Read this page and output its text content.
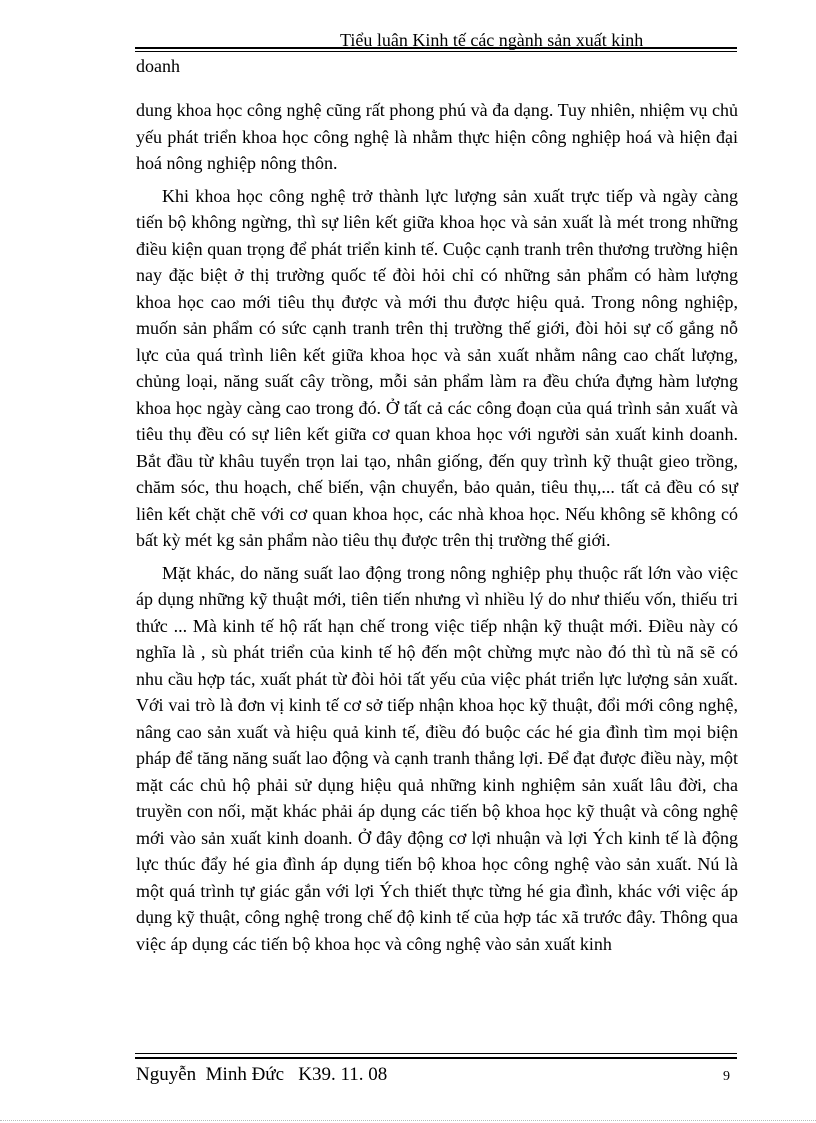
Tiểu luận Kinh tế các ngành sản xuất kinh
doanh

dung khoa học công nghệ cũng rất phong phú và đa dạng. Tuy nhiên, nhiệm vụ chủ yếu phát triển khoa học công nghệ là nhằm thực hiện công nghiệp hoá và hiện đại hoá nông nghiệp nông thôn.

Khi khoa học công nghệ trở thành lực lượng sản xuất trực tiếp và ngày càng tiến bộ không ngừng, thì sự liên kết giữa khoa học và sản xuất là mét trong những điều kiện quan trọng để phát triển kinh tế. Cuộc cạnh tranh trên thương trường hiện nay đặc biệt ở thị trường quốc tế đòi hỏi chỉ có những sản phẩm có hàm lượng khoa học cao mới tiêu thụ được và mới thu được hiệu quả. Trong nông nghiệp, muốn sản phẩm có sức cạnh tranh trên thị trường thế giới, đòi hỏi sự cố gắng nỗ lực của quá trình liên kết giữa khoa học và sản xuất nhằm nâng cao chất lượng, chủng loại, năng suất cây trồng, mỗi sản phẩm làm ra đều chứa đựng hàm lượng khoa học ngày càng cao trong đó. Ở tất cả các công đoạn của quá trình sản xuất và tiêu thụ đều có sự liên kết giữa cơ quan khoa học với người sản xuất kinh doanh. Bắt đầu từ khâu tuyển trọn lai tạo, nhân giống, đến quy trình kỹ thuật gieo trồng, chăm sóc, thu hoạch, chế biến, vận chuyển, bảo quản, tiêu thụ,... tất cả đều có sự liên kết chặt chẽ với cơ quan khoa học, các nhà khoa học. Nếu không sẽ không có bất kỳ mét kg sản phẩm nào tiêu thụ được trên thị trường thế giới.

Mặt khác, do năng suất lao động trong nông nghiệp phụ thuộc rất lớn vào việc áp dụng những kỹ thuật mới, tiên tiến nhưng vì nhiều lý do như thiếu vốn, thiếu tri thức ... Mà kinh tế hộ rất hạn chế trong việc tiếp nhận kỹ thuật mới. Điều này có nghĩa là , sù phát triển của kinh tế hộ đến một chừng mực nào đó thì tù nã sẽ có nhu cầu hợp tác, xuất phát từ đòi hỏi tất yếu của việc phát triển lực lượng sản xuất. Với vai trò là đơn vị kinh tế cơ sở tiếp nhận khoa học kỹ thuật, đổi mới công nghệ, nâng cao sản xuất và hiệu quả kinh tế, điều đó buộc các hé gia đình tìm mọi biện pháp để tăng năng suất lao động và cạnh tranh thắng lợi. Để đạt được điều này, một mặt các chủ hộ phải sử dụng hiệu quả những kinh nghiệm sản xuất lâu đời, cha truyền con nối, mặt khác phải áp dụng các tiến bộ khoa học kỹ thuật và công nghệ mới vào sản xuất kinh doanh. Ở đây động cơ lợi nhuận và lợi Ých kinh tế là động lực thúc đẩy hé gia đình áp dụng tiến bộ khoa học công nghệ vào sản xuất. Nú là một quá trình tự giác gắn với lợi Ých thiết thực từng hé gia đình, khác với việc áp dụng kỹ thuật, công nghệ trong chế độ kinh tế của hợp tác xã trước đây. Thông qua việc áp dụng các tiến bộ khoa học và công nghệ vào sản xuất kinh

Nguyễn  Minh Đức   K39. 11. 08	9
